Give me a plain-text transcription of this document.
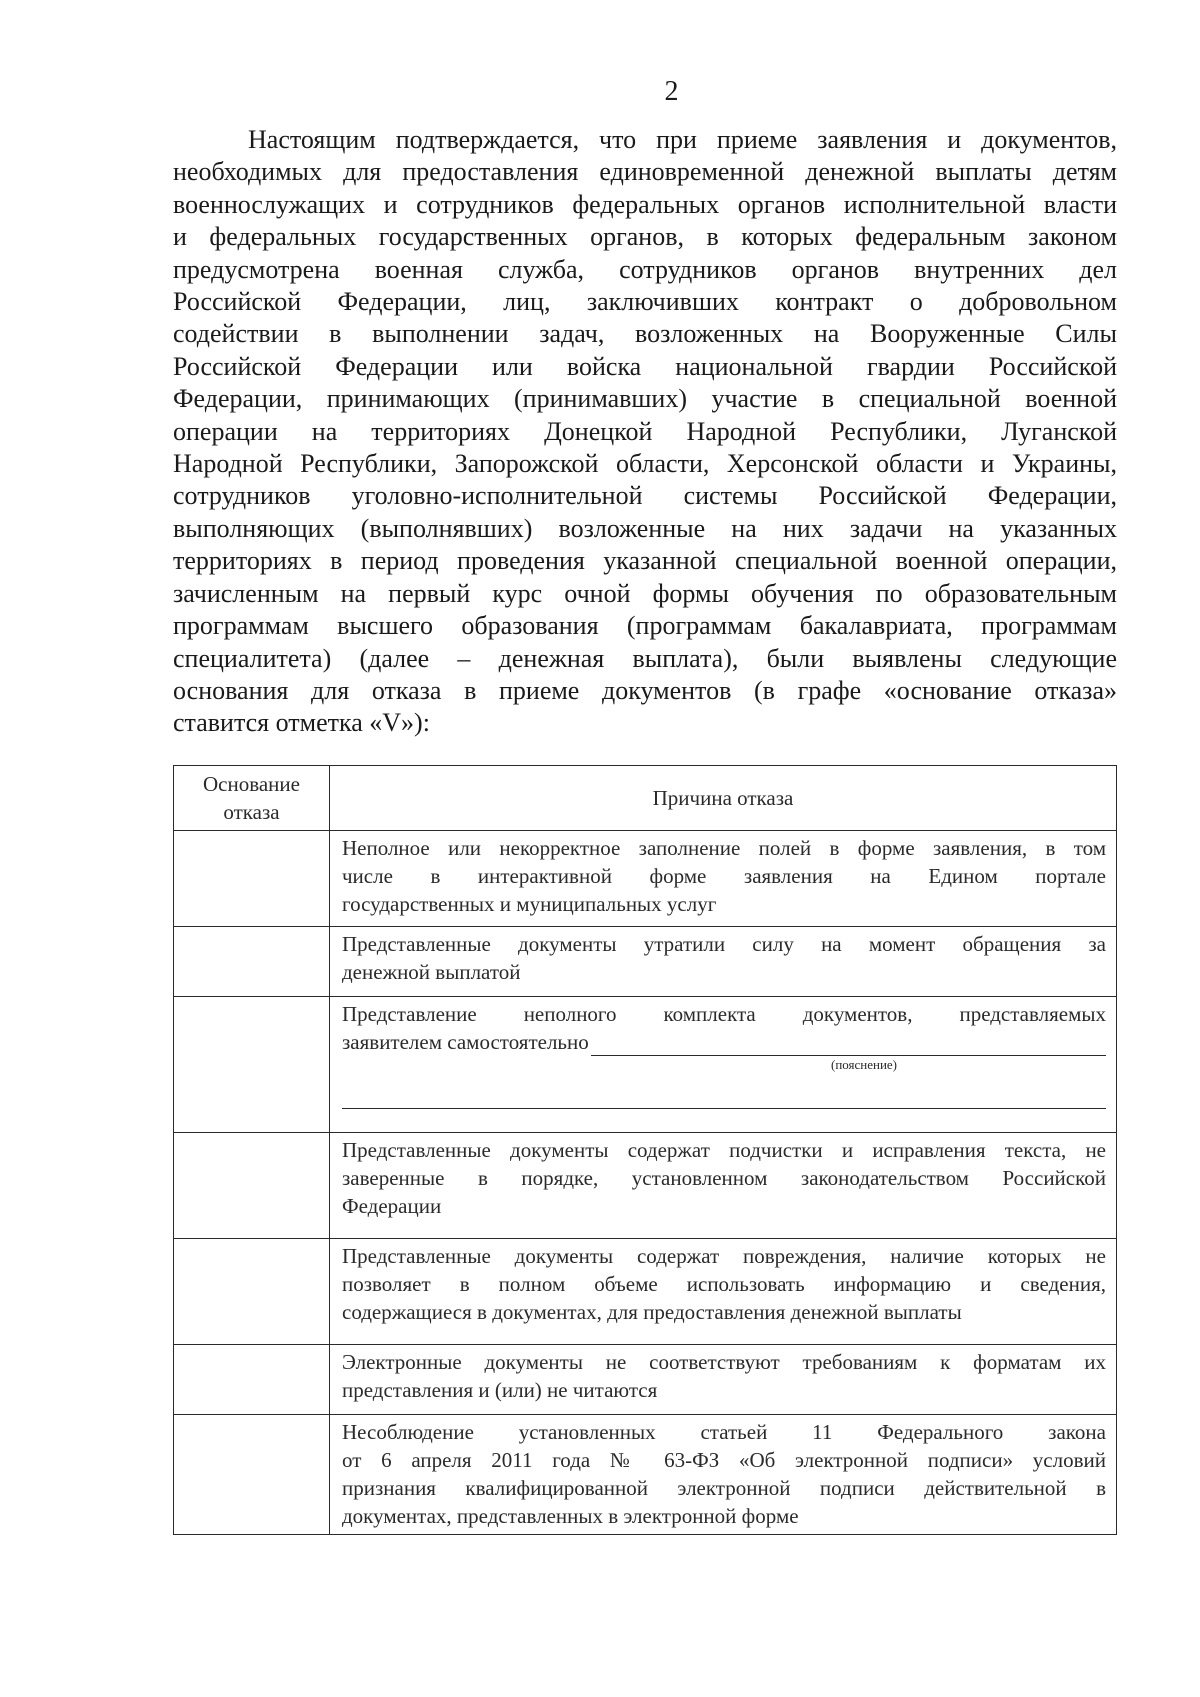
2
Настоящим подтверждается, что при приеме заявления и документов,
необходимых для предоставления единовременной денежной выплаты детям
военнослужащих и сотрудников федеральных органов исполнительной власти
и федеральных государственных органов, в которых федеральным законом
предусмотрена военная служба, сотрудников органов внутренних дел
Российской Федерации, лиц, заключивших контракт о добровольном
содействии в выполнении задач, возложенных на Вооруженные Силы
Российской Федерации или войска национальной гвардии Российской
Федерации, принимающих (принимавших) участие в специальной военной
операции на территориях Донецкой Народной Республики, Луганской
Народной Республики, Запорожской области, Херсонской области и Украины,
сотрудников уголовно-исполнительной системы Российской Федерации,
выполняющих (выполнявших) возложенные на них задачи на указанных
территориях в период проведения указанной специальной военной операции,
зачисленным на первый курс очной формы обучения по образовательным
программам высшего образования (программам бакалавриата, программам
специалитета) (далее – денежная выплата), были выявлены следующие
основания для отказа в приеме документов (в графе «основание отказа»
ставится отметка «V»):
Основание отказа	Причина отказа

	Неполное или некорректное заполнение полей в форме заявления, в том
числе в интерактивной форме заявления на Едином портале
государственных и муниципальных услуг

	Представленные документы утратили силу на момент обращения за
денежной выплатой

	Представление неполного комплекта документов, представляемых
заявителем самостоятельно
(пояснение)

	Представленные документы содержат подчистки и исправления текста, не
заверенные в порядке, установленном законодательством Российской
Федерации

	Представленные документы содержат повреждения, наличие которых не
позволяет в полном объеме использовать информацию и сведения,
содержащиеся в документах, для предоставления денежной выплаты

	Электронные документы не соответствуют требованиям к форматам их
представления и (или) не читаются

	Несоблюдение установленных статьей 11 Федерального закона
от 6 апреля 2011 года № 63-ФЗ «Об электронной подписи» условий
признания квалифицированной электронной подписи действительной в
документах, представленных в электронной форме
